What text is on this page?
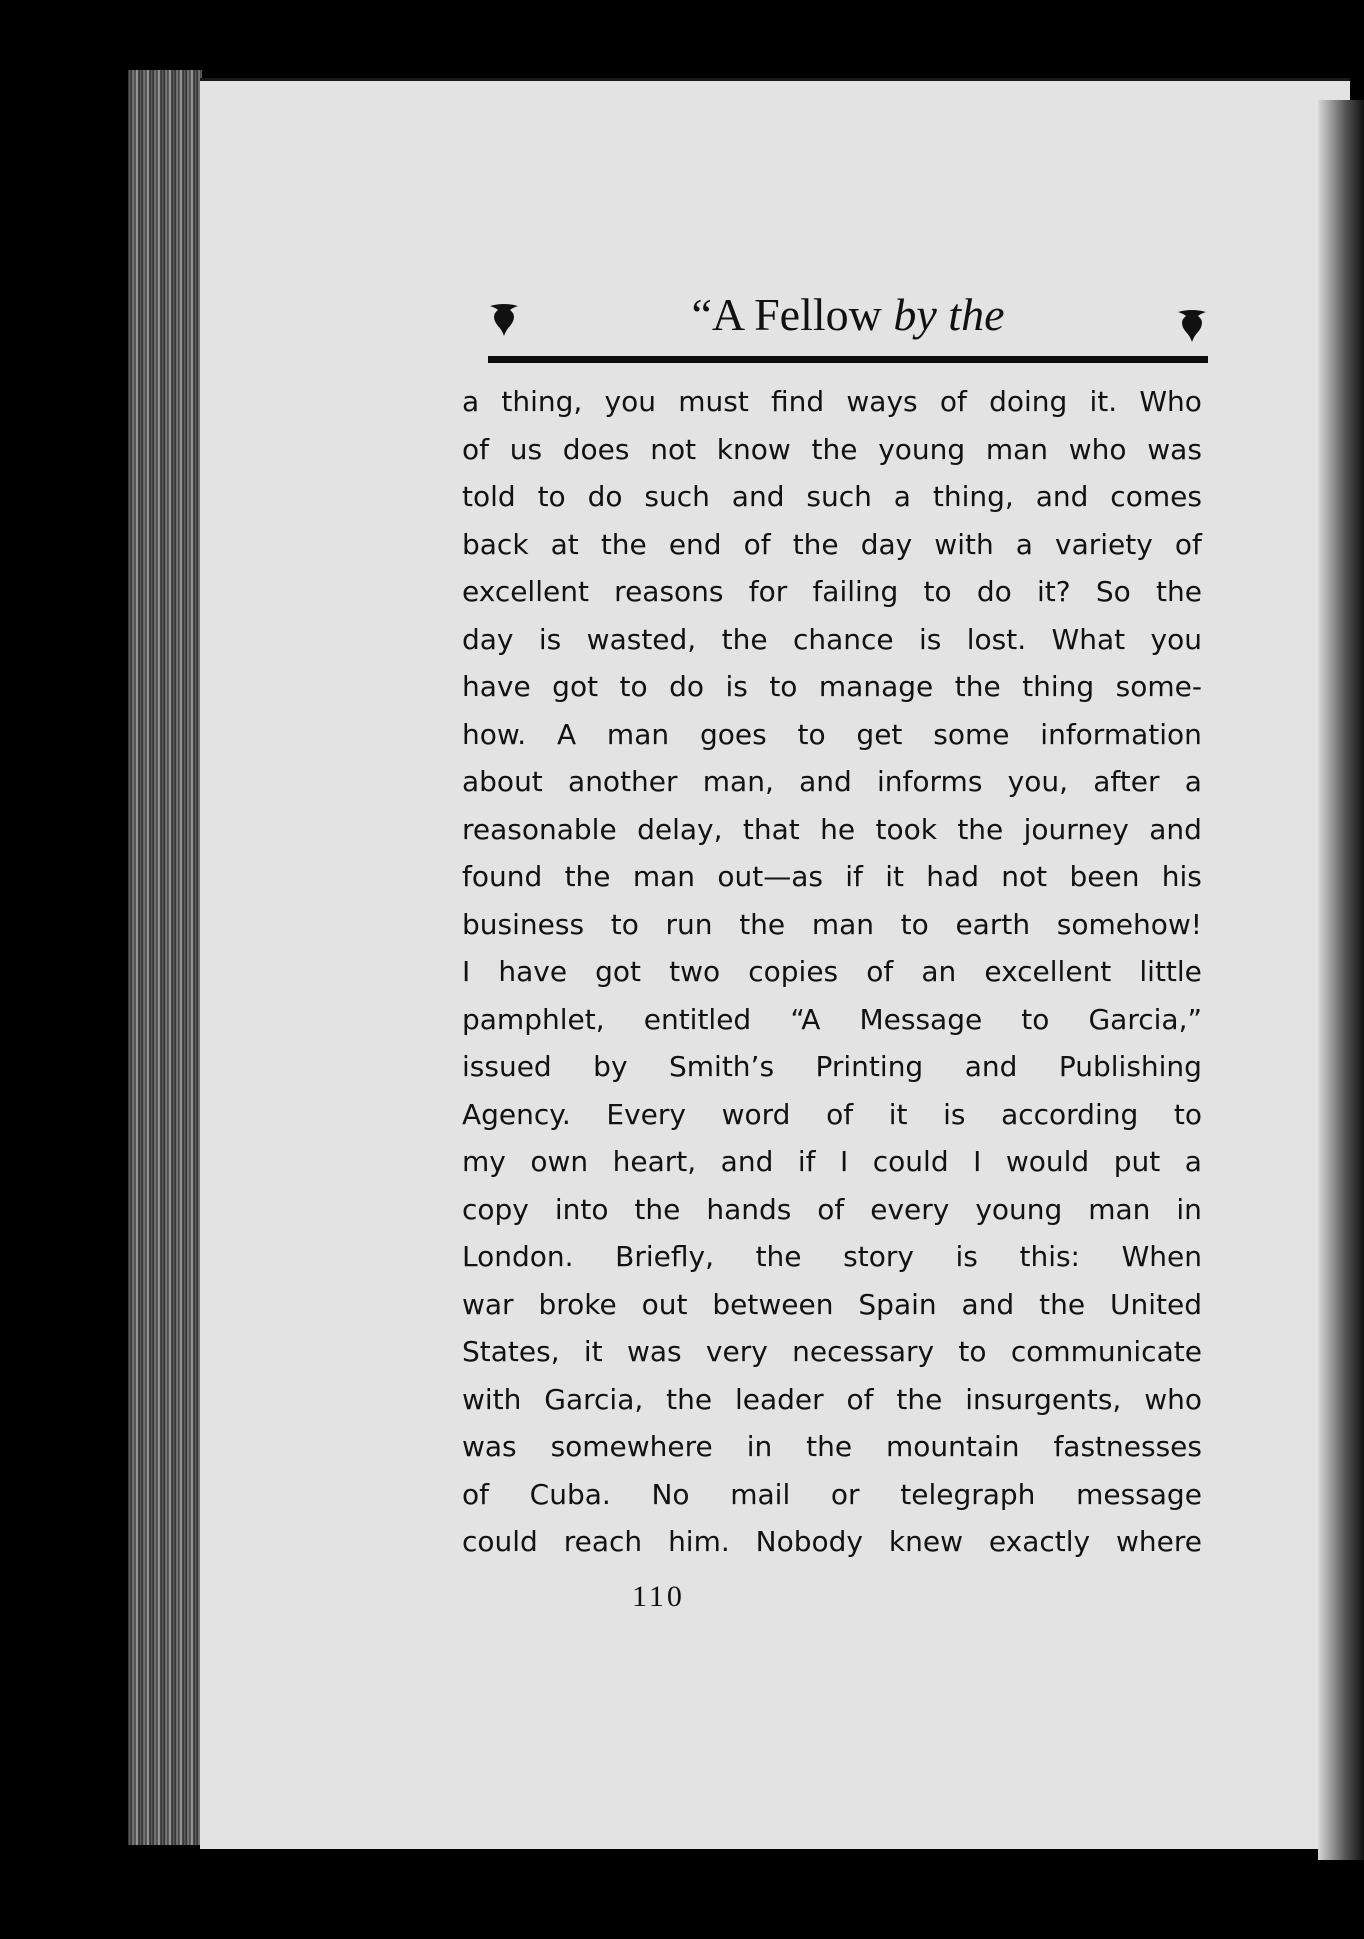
“A Fellow by the
a thing, you must find ways of doing it. Who
of us does not know the young man who was
told to do such and such a thing, and comes
back at the end of the day with a variety of
excellent reasons for failing to do it? So the
day is wasted, the chance is lost. What you
have got to do is to manage the thing some-
how. A man goes to get some information
about another man, and informs you, after a
reasonable delay, that he took the journey and
found the man out—as if it had not been his
business to run the man to earth somehow!
I have got two copies of an excellent little
pamphlet, entitled “A Message to Garcia,”
issued by Smith’s Printing and Publishing
Agency. Every word of it is according to
my own heart, and if I could I would put a
copy into the hands of every young man in
London. Briefly, the story is this: When
war broke out between Spain and the United
States, it was very necessary to communicate
with Garcia, the leader of the insurgents, who
was somewhere in the mountain fastnesses
of Cuba. No mail or telegraph message
could reach him. Nobody knew exactly where
110
